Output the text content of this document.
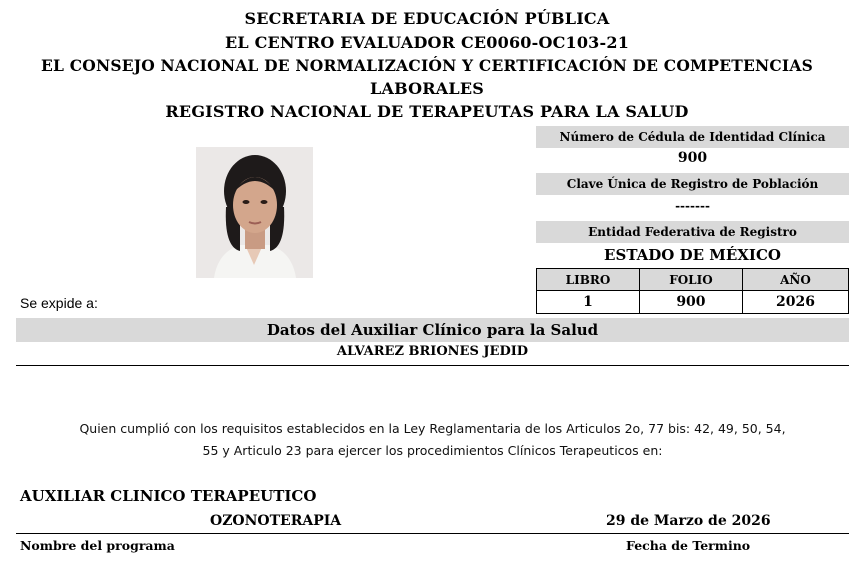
SECRETARIA DE EDUCACIÓN PÚBLICA
EL CENTRO EVALUADOR CE0060-OC103-21
EL CONSEJO NACIONAL DE NORMALIZACIÓN Y CERTIFICACIÓN DE COMPETENCIAS
LABORALES
REGISTRO NACIONAL DE TERAPEUTAS PARA LA SALUD
Número de Cédula de Identidad Clínica
900
Clave Única de Registro de Población
-------
Entidad Federativa de Registro
ESTADO DE MÉXICO
LIBRO	FOLIO	AÑO
1	900	2026
Se expide a:
Datos del Auxiliar Clínico para la Salud
ALVAREZ BRIONES JEDID
Quien cumplió con los requisitos establecidos en la Ley Reglamentaria de los Articulos 2o, 77 bis: 42, 49, 50, 54,
55 y Articulo 23 para ejercer los procedimientos Clínicos Terapeuticos en:
AUXILIAR CLINICO TERAPEUTICO
OZONOTERAPIA	29 de Marzo de 2026
Nombre del programa	Fecha de Termino
